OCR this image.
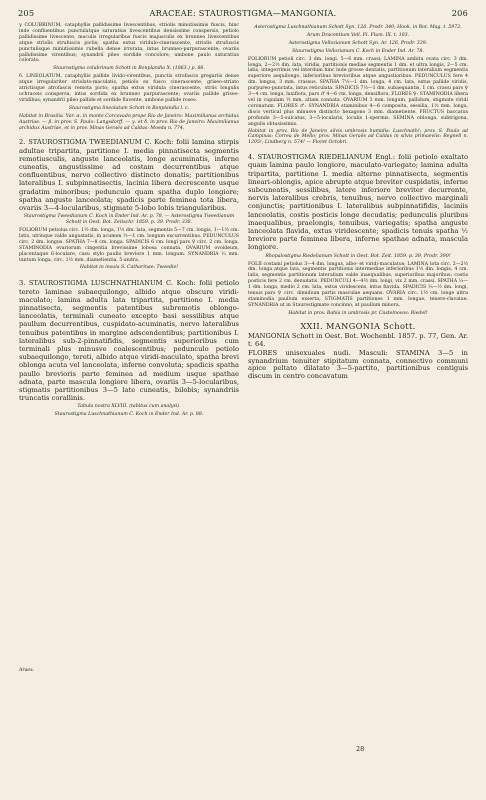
205	ARACEAE: STAUROSTIGMA—MANGONIA.	206

γ COLUBRINUM, cataphyllis pallidissime livescentibus, striolis minutissimis fuscis, hinc inde confluentibus punctulatque saturatius livescentibus densissime conspersis, petiolo pallidissime livescente, maculis irregularibus fuscis majusculis ex brunneo livescentibus atque striolis strufuscis pictis; spatha extus viridulo-cinerascente, striolis strufuscis punctulisque minutissimis rubella dense irrorata, intus brunneo-purpurascente; ovariis pallidissime virentibus; synandrii pileo sordide concolore, umbone paulo saturatius colorato.

Staurostigma colubrinum Schott in Bonplandia X. (1863.) p. 86.

δ. LINEOLATUM, cataphyllis pallide livido-virentibus, punctis strofascis gregariis dense atque irregulariter striolato-maculatis, petiolo ex fusco cinerascente, griseo-striato atrictisque atrofascis remota picto; spatha extus viridula cinerascente, striis longulis ochraceis conspersa, intus sordida ex brunneo purpurascente; ovariis pallide griseo-viridibus; synandrii pileo pallide et sordide flavente, umbone pallide roseo.

Staurostigma lineolatum Schott in Bonplandia l. c.

Habitat in Brasilia. Var. α. in monte Corcovado prope Rio de Janeiro: Maximilianus archidux Austriae. — β. in prov. S. Paulo: Langsdorff. — γ. et δ. in prov. Rio de Janeiro: Maximilianus archidux Austriae, et in prov. Minas Geraës ad Caldas: Moeda n. 774.

2. STAUROSTIGMA TWEEDIANUM C. Koch: folii lamina stirpis adultae tripartita, partitione I. media pinnatisecta segmentis remotiusculis, anguste lanceolatis, longe acuminatis, inferne cuneatis, angustissime ad costam decurrentibus atque confluentibus, nervo collectivo distincto donatis; partitionibus lateralibus I. subpinnatisectis, lacinia libera decrescente usque gradatim minoribus; pedunculo quam spatha duplo longiore; spatha anguste lanceolata; spadicis parte feminea tota libera, ovariis 3—4-locularibus, stigmate 5-lobo lobis triangularibus.

Staurostigma Tweedianum C. Koch in Ender Ind. Ar. p. 78. — Asterostigma Tweedianum Schott in Oest. Bot. Zeitschr. 1859. p. 39. Prodr. 338.

FOLIORUM petiolus circ. 1½ dm. longa, 1½ dm. lata, segmentis 5—7 cm. longis, 1—1½ cm. latis, utrinque valde angustatis, in acumen ½—1 cm. longum excurrentibus. PEDUNCULUS circ. 2 dm. longus. SPATHA 7—8 cm. longa. SPADICIS 6 cm. longi pars ♀ circ. 2 cm. longa. STAMINODIA ovariorum cingentia brevissime lobosa connata. OVARIUM ovoideum, placentaque 6-loculare, casu stylo paullo breviore 1 mm. longum. SYNANDRIA ⅓ mm. tantum longa, circ. 1½ mm. diametientia, 5-andra.

Habitat in insula S. Catharinae: Tweedie!

3. STAUROSTIGMA LUSCHNATHIANUM C. Koch: folii petiolo tereto laminae subaequilongo, albido atque obscure viridi-maculato; lamina adulta lata tripartita, partitione I. media pinnatisecta, segmentis patentibus subremotis oblongo-lanceolatis, terminali cuneato excepto basi sessilibus atque paullum decurrentibus, cuspidato-acuminatis, nervo lateralibus tenuibus patentibus in margine adscendentibus; partitionibus I. lateralibus sub-2-pinnatifidis, segmentis superioribus cum terminali plus minusve coalescentibus; pedunculo petiolo subaequilongo, tereti, albido atque viridi-maculato, spatha brevi oblonga acuta vel lanceolata, inferne convoluta; spadicis spatha paullo brevioris parte feminea ad medium usque spathae adnata, parte mascula longiore libera, ovariis 3—5-locularibus, stigmatis partitionibus 3—5 late cuneatis, bilobis; synandriis truncatis corallinis.

Tabula nostra XLVIII. (tabitus cum analysi).

Staurostigma Luschnathianum C. Koch in Ender Ind. Ar. p. 88.

Asterostigma Luschnathianum Schott Syn. 126. Prodr. 340; Hook. in Bot. Mag. t. 5972.

Arum Dracontium Vell. Fl. Flum. IX. t. 103.

Asterostigma Vellozianum Schott Syn. Ar. 126, Prodr. 339.

Staurostigma Vellozianum C. Koch in Ender Ind. Ar. 78.

FOLIORUM petioli circ. 3 dm. longi, 5—6 mm. crassi; LAMINA ambitu ovata circ. 3 dm. longa, 2—2½ dm. lata, viridis, partitionis mediae segmentis 1 dm. et ultra longis, 2—5 cm. latis, integerrimis vel interdum hinc inde grosse dentatis, partitionum lateralium segmentis superiore aequilongo, inferioribus brevioribus atque angustioribus. PEDUNCULUS fere 4 dm. longus, 3 mm. crassus. SPATHA 7½—1 dm. longa, 4 cm. lata, extus pallide viridis, purpureo-punctata, intus reticulata. SPADICIS 7½—1 dm. subaequantis, 1 cm. crassi pars ♀ 3—4 cm. longa, laxiflora, pars ♂ 4—6 cm. longa, densiflora. FLORES ♀: STAMINODIA libera vel in cupulam ½ mm. altam connata. OVARIUM 3 mm. longum, pallidum, stigmate viridi coronatum. FLORES ♂: SYNANDRIA staminibus 4—6 composita, sessilia, 1½ mm. longa, disco vertical plus minusve distincto hexagono 3 mm. diametiente. FRUCTUS baccatus profunde 3—5-sulcatus, 3—5-locularis, loculis 1-spermis. SEMINA oblonga, subtrigona, angulis obtusissimis.

Habitat in prov. Rio de Janeiro silvis umbrosis humidis: Luschnath!; prov. S. Paulo ad Campinas: Correa de Mello; prov. Minas Geraës ad Caldas in silvis primaeviis: Regnell n. 1205!; Lindberg n. 574! — Floret Octobri.

4. STAUROSTIGMA RIEDELIANUM Engl.: folii petiolo exaltato quam lamina paulo longiore, maculato-variegato; lamina adulta tripartita, partitione I. media alterne pinnatisecta, segmentis lineari-oblongis, apice abrupte atque breviter cuspidatis, inferne subcuneatis, sessilibus, latere inferiore breviter decurrente, nervis lateralibus crebris, tenuibus, nervo collectivo marginali conjunctis; partitionibus I. lateralibus subpinnatifidis, laciniis lanceolatis, costis posticis longe decudatis; pedunculis pluribus inaequalibus, praelongis, tenuibus, variegatis; spatha anguste lanceolata flavida, extus viridescente; spadicis tenuis spatha ½ breviore parte feminea libera, inferne spathae adnata, mascula longiore.

Rhopalostigma Riedelianum Schott in Oest. Bot. Zeit. 1859. p. 39, Prodr. 390!

FOLII costami petiolus 3—4 dm. longus, albo- et viridi-maculatus; LAMINA tota circ. 2—2½ dm. longa atque lata, segmentis partitionis intermediae inferioribus 1½ dm. longis, 4 cm. latis, segmentis partitionum lateralium valde inaequalibus, superioribus majoribus; costis posticis fere 2 cm. denudatis. PEDUNCULI 4—4½ dm. longi, vix 2 mm. crassi. SPATHA ⅓—1 dm. longa, medio 2 cm. lata, extus viridescens, intus flavida. SPADICIS ⅓—½ dm. longi, tenuis pars ♀ circ. dimidium partis masculae aequans. OVARIA circ. 1½ cm. longe ultra staminodia paullum exserta; STIGMATIS partitiones 1 mm. longae, tenere-clavatae. SYNANDRIA ut in Staurostigmate concinno, at paullum minora.

Habitat in prov. Bahia in umbrosis pr. Castelnovos: Riedel!

XXII. MANGONIA Schott.

MANGONIA Schott in Oest. Bot. Wochenbl. 1857. p. 77, Gen. Ar. t. 64.

FLORES unisexuales nudi. Masculi: STAMINA 3—5 in synandrium tenuiter stipitatum connata, connectivo communi apice peltato dilatato 3—5-partito, partitionibus contiguis discum in centro concavatum

Araes.
28
